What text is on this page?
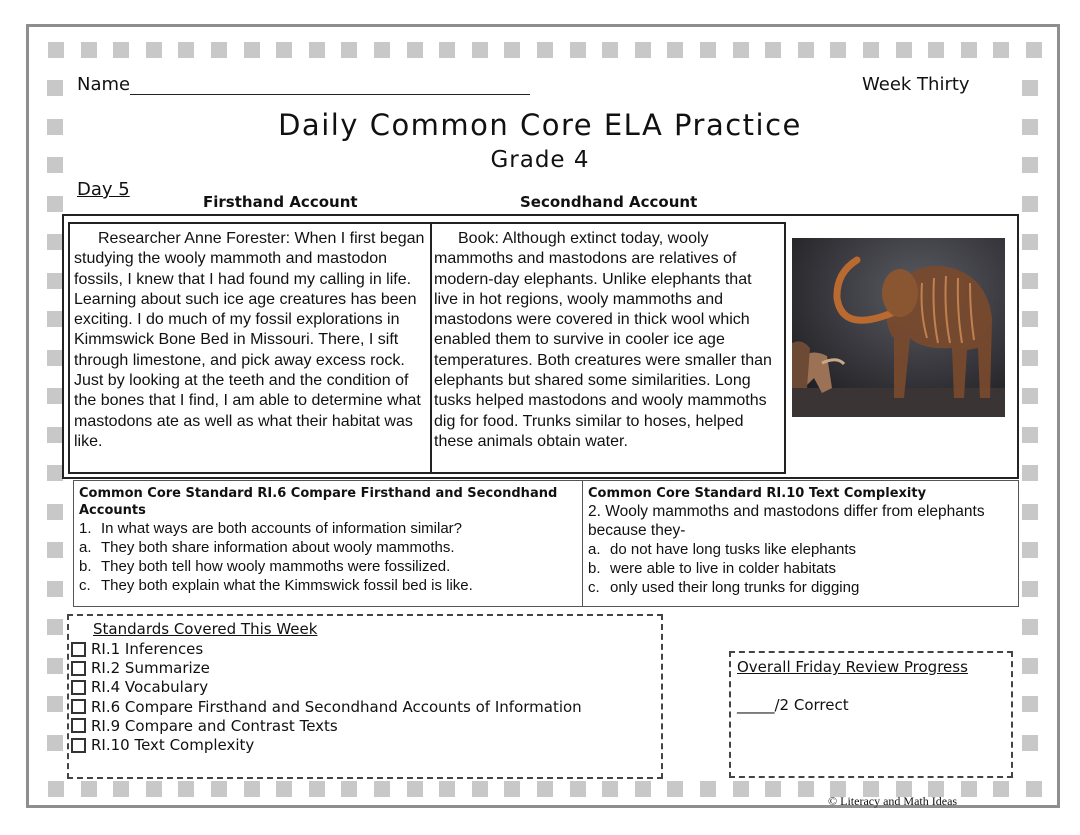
Name	Week Thirty
Daily Common Core ELA Practice
Grade 4
Day 5
Firsthand Account	Secondhand Account
Researcher Anne Forester: When I first began studying the wooly mammoth and mastodon fossils, I knew that I had found my calling in life. Learning about such ice age creatures has been exciting. I do much of my fossil explorations in Kimmswick Bone Bed in Missouri. There, I sift through limestone, and pick away excess rock. Just by looking at the teeth and the condition of the bones that I find, I am able to determine what mastodons ate as well as what their habitat was like.
Book: Although extinct today, wooly mammoths and mastodons are relatives of modern-day elephants. Unlike elephants that live in hot regions, wooly mammoths and mastodons were covered in thick wool which enabled them to survive in cooler ice age temperatures. Both creatures were smaller than elephants but shared some similarities. Long tusks helped mastodons and wooly mammoths dig for food. Trunks similar to hoses, helped these animals obtain water.
Common Core Standard RI.6 Compare Firsthand and Secondhand Accounts
1. In what ways are both accounts of information similar?
a. They both share information about wooly mammoths.
b. They both tell how wooly mammoths were fossilized.
c. They both explain what the Kimmswick fossil bed is like.
Common Core Standard RI.10 Text Complexity
2. Wooly mammoths and mastodons differ from elephants because they-
a. do not have long tusks like elephants
b. were able to live in colder habitats
c. only used their long trunks for digging
Standards Covered This Week
RI.1 Inferences
RI.2 Summarize
RI.4 Vocabulary
RI.6 Compare Firsthand and Secondhand Accounts of Information
RI.9 Compare and Contrast Texts
RI.10 Text Complexity
Overall Friday Review Progress
_____/2 Correct
© Literacy and Math Ideas
